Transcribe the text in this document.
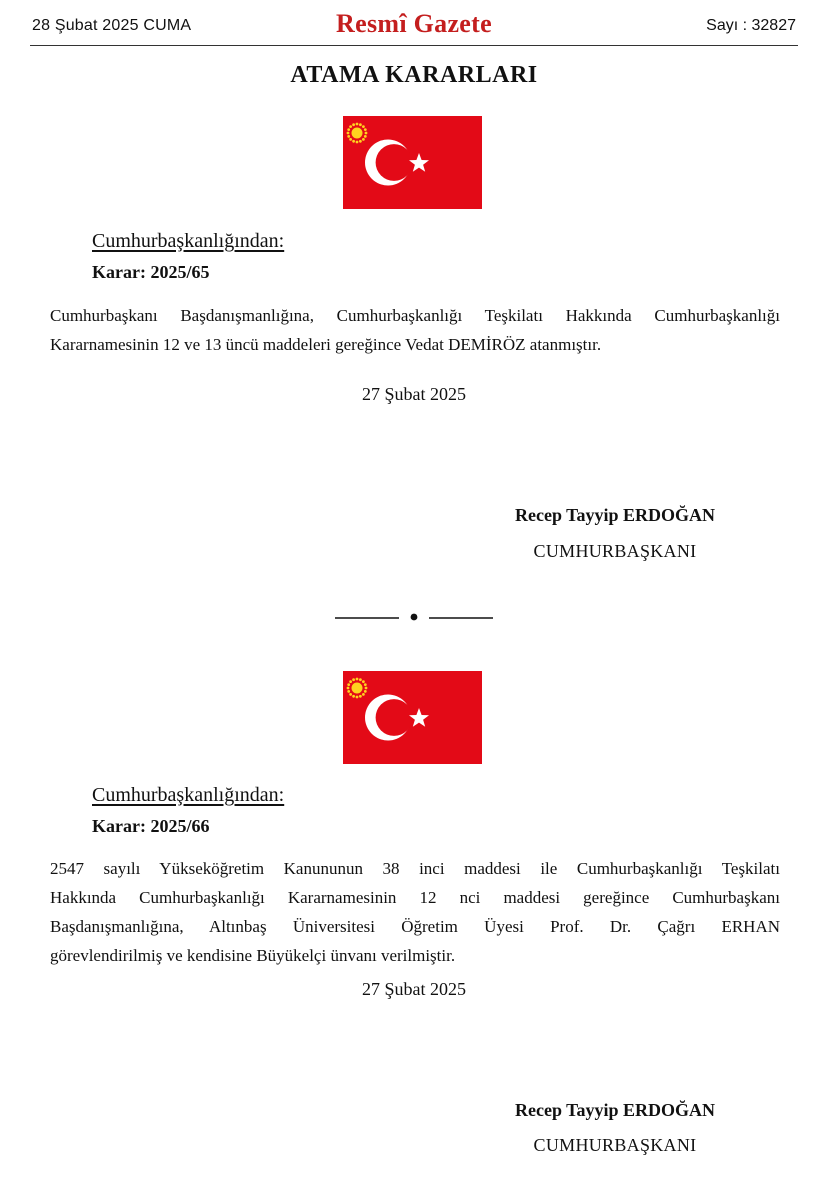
28 Şubat 2025 CUMA	Resmî Gazete	Sayı : 32827
ATAMA KARARLARI
Cumhurbaşkanlığından:
Karar: 2025/65
Cumhurbaşkanı Başdanışmanlığına, Cumhurbaşkanlığı Teşkilatı Hakkında Cumhurbaşkanlığı
Kararnamesinin 12 ve 13 üncü maddeleri gereğince Vedat DEMİRÖZ atanmıştır.
27 Şubat 2025
Recep Tayyip ERDOĞAN
CUMHURBAŞKANI
Cumhurbaşkanlığından:
Karar: 2025/66
2547 sayılı Yükseköğretim Kanununun 38 inci maddesi ile Cumhurbaşkanlığı Teşkilatı
Hakkında Cumhurbaşkanlığı Kararnamesinin 12 nci maddesi gereğince Cumhurbaşkanı
Başdanışmanlığına, Altınbaş Üniversitesi Öğretim Üyesi Prof. Dr. Çağrı ERHAN
görevlendirilmiş ve kendisine Büyükelçi ünvanı verilmiştir.
27 Şubat 2025
Recep Tayyip ERDOĞAN
CUMHURBAŞKANI
